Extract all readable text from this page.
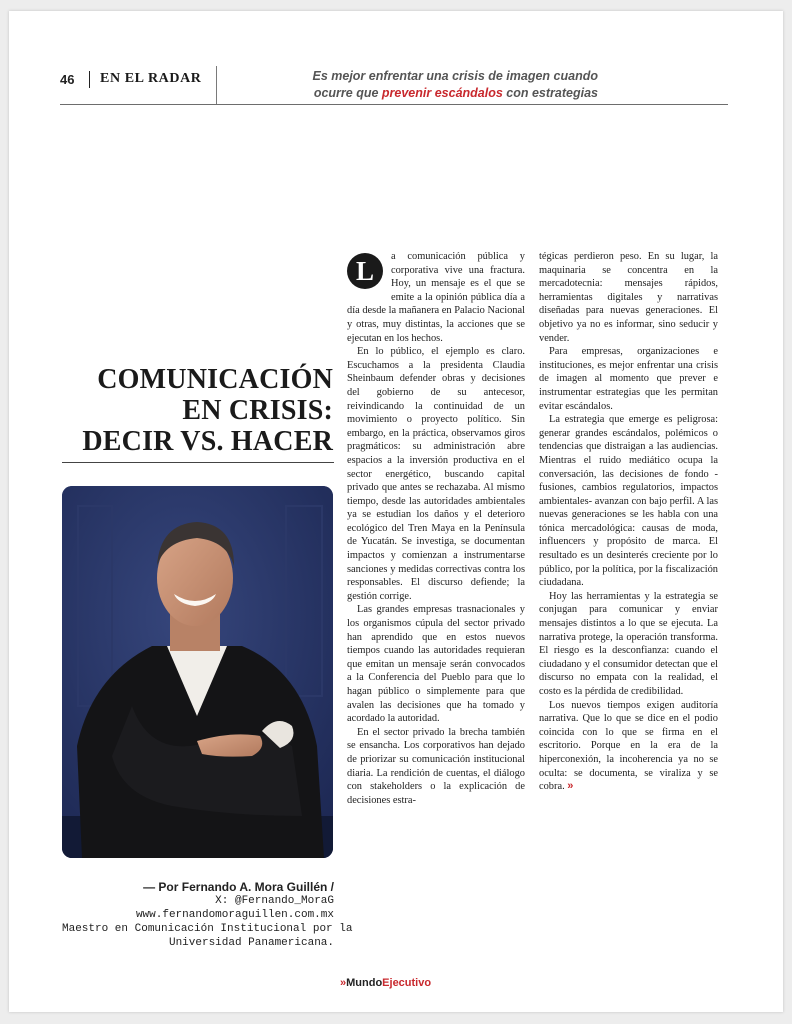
46 EN EL RADAR	Es mejor enfrentar una crisis de imagen cuando
ocurre que prevenir escándalos con estrategias
COMUNICACIÓN
EN CRISIS:
DECIR VS. HACER
— Por Fernando A. Mora Guillén /
X: @Fernando_MoraG
www.fernandomoraguillen.com.mx
Maestro en Comunicación Institucional por la
Universidad Panamericana.
L	a comunicación pública y corporativa vive una fractura. Hoy, un mensaje es el que se emite a la opinión pública día a día desde la mañanera en Palacio Nacional y otras, muy distintas, la acciones que se ejecutan en los hechos.

En lo público, el ejemplo es claro. Escuchamos a la presidenta Claudia Sheinbaum defender obras y decisiones del gobierno de su antecesor, reivindicando la continuidad de un movimiento o proyecto político. Sin embargo, en la práctica, observamos giros pragmáticos: su administración abre espacios a la inversión productiva en el sector energético, buscando capital privado que antes se rechazaba. Al mismo tiempo, desde las autoridades ambientales ya se estudian los daños y el deterioro ecológico del Tren Maya en la Península de Yucatán. Se investiga, se documentan impactos y comienzan a instrumentarse sanciones y medidas correctivas contra los responsables. El discurso defiende; la gestión corrige.

Las grandes empresas trasnacionales y los organismos cúpula del sector privado han aprendido que en estos nuevos tiempos cuando las autoridades requieran que emitan un mensaje serán convocados a la Conferencia del Pueblo para que lo hagan público o simplemente para que avalen las decisiones que ha tomado y acordado la autoridad.

En el sector privado la brecha también se ensancha. Los corporativos han dejado de priorizar su comunicación institucional diaria. La rendición de cuentas, el diálogo con stakeholders o la explicación de decisiones estra-

tégicas perdieron peso. En su lugar, la maquinaria se concentra en la mercadotecnia: mensajes rápidos, herramientas digitales y narrativas diseñadas para nuevas generaciones. El objetivo ya no es informar, sino seducir y vender.

Para empresas, organizaciones e instituciones, es mejor enfrentar una crisis de imagen al momento que prever e instrumentar estrategias que les permitan evitar escándalos.

La estrategia que emerge es peligrosa: generar grandes escándalos, polémicos o tendencias que distraigan a las audiencias. Mientras el ruido mediático ocupa la conversación, las decisiones de fondo -fusiones, cambios regulatorios, impactos ambientales- avanzan con bajo perfil. A las nuevas generaciones se les habla con una tónica mercadológica: causas de moda, influencers y propósito de marca. El resultado es un desinterés creciente por lo público, por la política, por la fiscalización ciudadana.

Hoy las herramientas y la estrategia se conjugan para comunicar y enviar mensajes distintos a lo que se ejecuta. La narrativa protege, la operación transforma. El riesgo es la desconfianza: cuando el ciudadano y el consumidor detectan que el discurso no empata con la realidad, el costo es la pérdida de credibilidad.

Los nuevos tiempos exigen auditoría narrativa. Que lo que se dice en el podio coincida con lo que se firma en el escritorio. Porque en la era de la hiperconexión, la incoherencia ya no se oculta: se documenta, se viraliza y se cobra. »

»MundoEjecutivo
